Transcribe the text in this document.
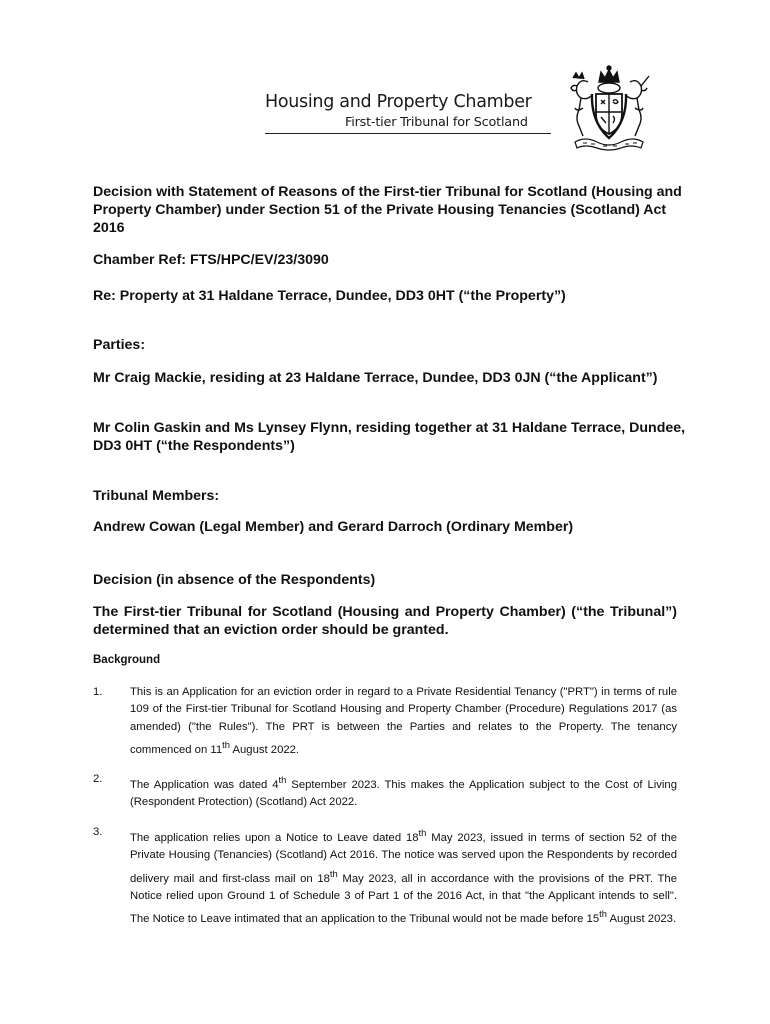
Housing and Property Chamber
First-tier Tribunal for Scotland

Decision with Statement of Reasons of the First-tier Tribunal for Scotland (Housing and Property Chamber) under Section 51 of the Private Housing Tenancies (Scotland) Act 2016

Chamber Ref: FTS/HPC/EV/23/3090

Re: Property at 31 Haldane Terrace, Dundee, DD3 0HT (“the Property”)

Parties:

Mr Craig Mackie, residing at 23 Haldane Terrace, Dundee, DD3 0JN (“the Applicant”)

Mr Colin Gaskin and Ms Lynsey Flynn, residing together at 31 Haldane Terrace, Dundee, DD3 0HT (“the Respondents”)

Tribunal Members:

Andrew Cowan (Legal Member) and Gerard Darroch (Ordinary Member)

Decision (in absence of the Respondents)

The First-tier Tribunal for Scotland (Housing and Property Chamber) (“the Tribunal”) determined that an eviction order should be granted.

Background
1.	This is an Application for an eviction order in regard to a Private Residential Tenancy ("PRT") in terms of rule 109 of the First-tier Tribunal for Scotland Housing and Property Chamber (Procedure) Regulations 2017 (as amended) ("the Rules"). The PRT is between the Parties and relates to the Property. The tenancy commenced on 11th August 2022.
2.	The Application was dated 4th September 2023. This makes the Application subject to the Cost of Living (Respondent Protection) (Scotland) Act 2022.
3.	The application relies upon a Notice to Leave dated 18th May 2023, issued in terms of section 52 of the Private Housing (Tenancies) (Scotland) Act 2016. The notice was served upon the Respondents by recorded delivery mail and first-class mail on 18th May 2023, all in accordance with the provisions of the PRT. The Notice relied upon Ground 1 of Schedule 3 of Part 1 of the 2016 Act, in that "the Applicant intends to sell". The Notice to Leave intimated that an application to the Tribunal would not be made before 15th August 2023.
